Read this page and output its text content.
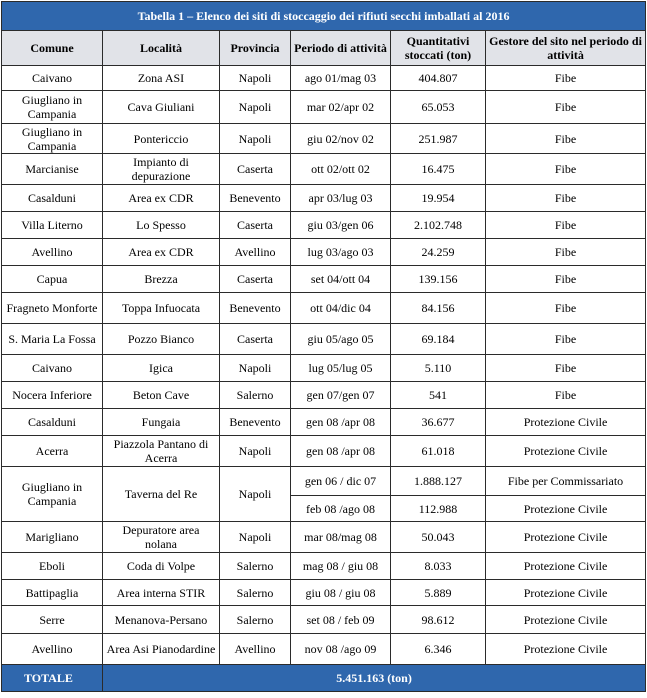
Tabella 1 – Elenco dei siti di stoccaggio dei rifiuti secchi imballati al 2016					
Comune	Località	Provincia	Periodo di attività	Quantitativi stoccati (ton)	Gestore del sito nel periodo di attività
Caivano	Zona ASI	Napoli	ago 01/mag 03	404.807	Fibe
Giugliano in Campania	Cava Giuliani	Napoli	mar 02/apr 02	65.053	Fibe
Giugliano in Campania	Pontericcio	Napoli	giu 02/nov 02	251.987	Fibe
Marcianise	Impianto di depurazione	Caserta	ott 02/ott 02	16.475	Fibe
Casalduni	Area ex CDR	Benevento	apr 03/lug 03	19.954	Fibe
Villa Literno	Lo Spesso	Caserta	giu 03/gen 06	2.102.748	Fibe
Avellino	Area ex CDR	Avellino	lug 03/ago 03	24.259	Fibe
Capua	Brezza	Caserta	set 04/ott 04	139.156	Fibe
Fragneto Monforte	Toppa Infuocata	Benevento	ott 04/dic 04	84.156	Fibe
S. Maria La Fossa	Pozzo Bianco	Caserta	giu 05/ago 05	69.184	Fibe
Caivano	Igica	Napoli	lug 05/lug 05	5.110	Fibe
Nocera Inferiore	Beton Cave	Salerno	gen 07/gen 07	541	Fibe
Casalduni	Fungaia	Benevento	gen 08 /apr 08	36.677	Protezione Civile
Acerra	Piazzola Pantano di Acerra	Napoli	gen 08 /apr 08	61.018	Protezione Civile
Giugliano in Campania	Taverna del Re	Napoli	gen 06 / dic 07	1.888.127	Fibe per Commissariato
			feb 08 /ago 08	112.988	Protezione Civile
Marigliano	Depuratore area nolana	Napoli	mar 08/mag 08	50.043	Protezione Civile
Eboli	Coda di Volpe	Salerno	mag 08 / giu 08	8.033	Protezione Civile
Battipaglia	Area interna STIR	Salerno	giu 08 / giu 08	5.889	Protezione Civile
Serre	Menanova-Persano	Salerno	set 08 / feb 09	98.612	Protezione Civile
Avellino	Area Asi Pianodardine	Avellino	nov 08 /ago 09	6.346	Protezione Civile
TOTALE	5.451.163 (ton)				
